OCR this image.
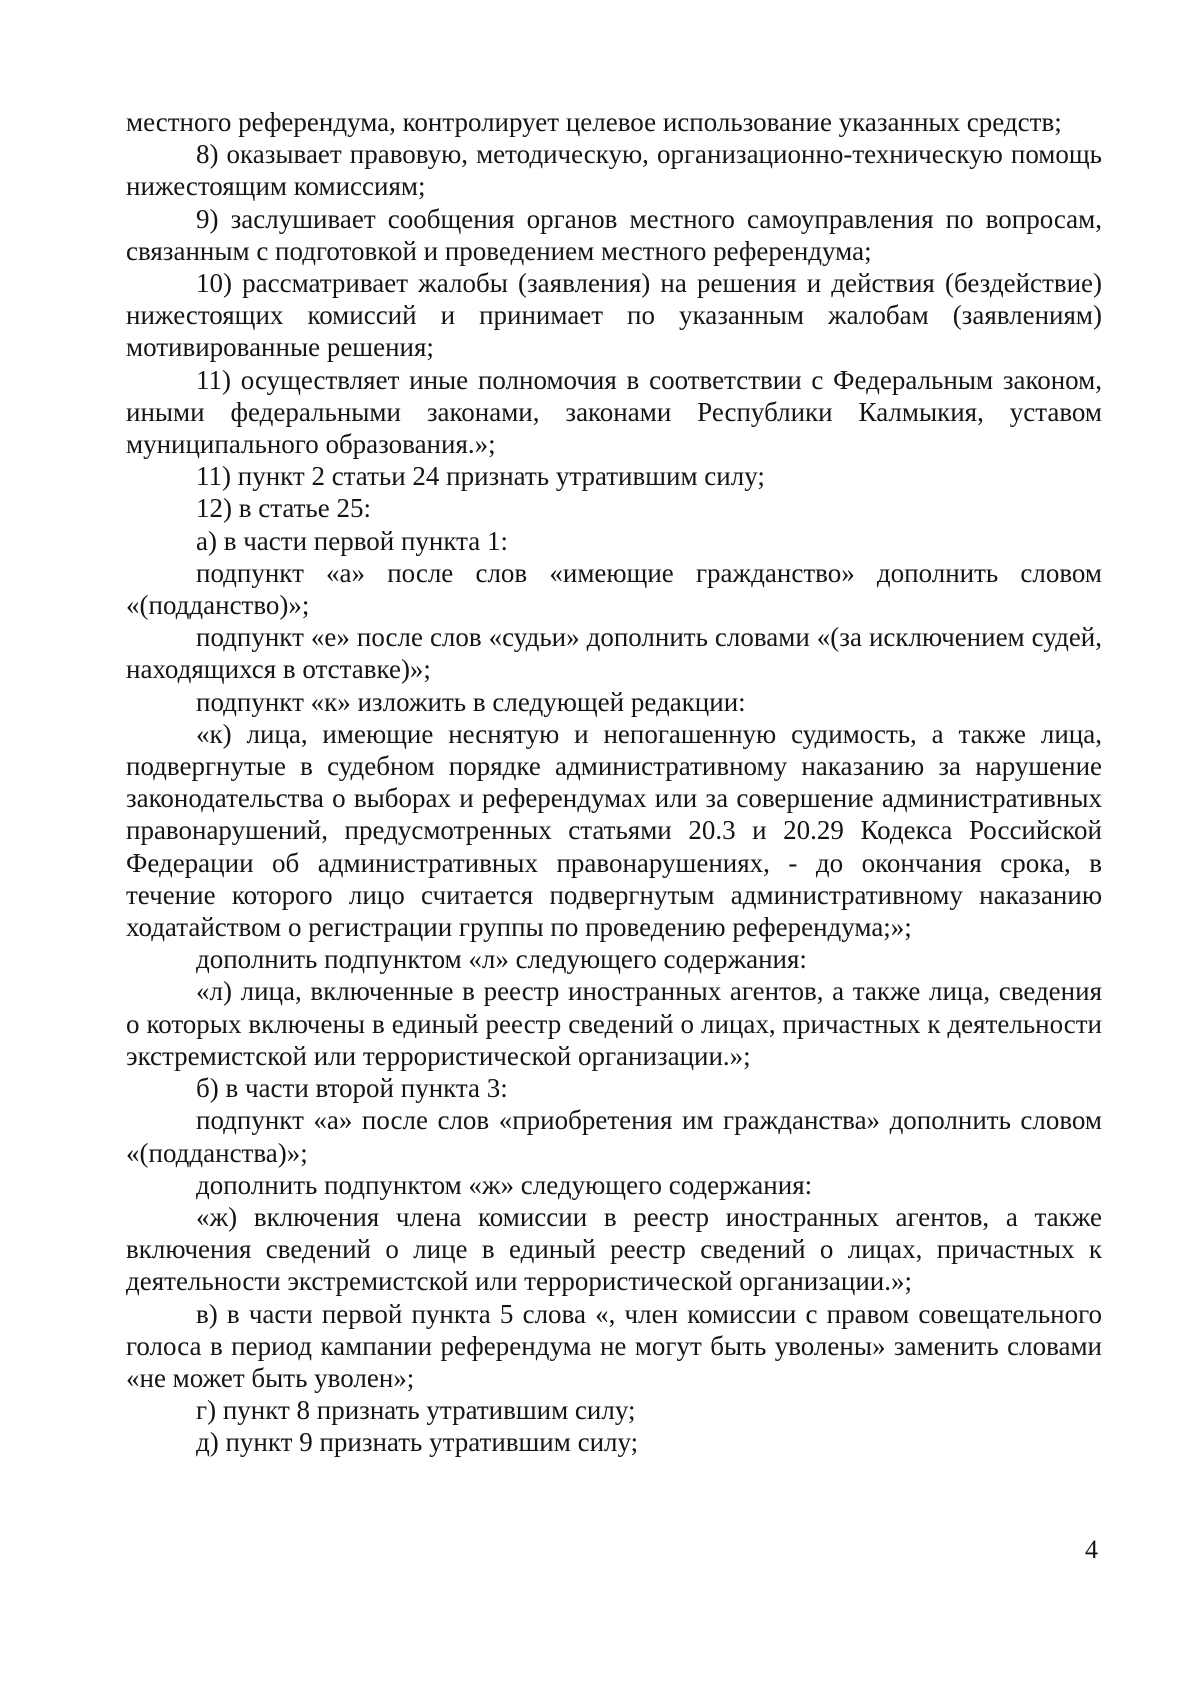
местного референдума, контролирует целевое использование указанных средств;

8) оказывает правовую, методическую, организационно-техническую помощь нижестоящим комиссиям;

9) заслушивает сообщения органов местного самоуправления по вопросам, связанным с подготовкой и проведением местного референдума;

10) рассматривает жалобы (заявления) на решения и действия (бездействие) нижестоящих комиссий и принимает по указанным жалобам (заявлениям) мотивированные решения;

11) осуществляет иные полномочия в соответствии с Федеральным законом, иными федеральными законами, законами Республики Калмыкия, уставом муниципального образования.»;

11) пункт 2 статьи 24 признать утратившим силу;

12) в статье 25:

а) в части первой пункта 1:

подпункт «а» после слов «имеющие гражданство» дополнить словом «(подданство)»;

подпункт «е» после слов «судьи» дополнить словами «(за исключением судей, находящихся в отставке)»;

подпункт «к» изложить в следующей редакции:

«к) лица, имеющие неснятую и непогашенную судимость, а также лица, подвергнутые в судебном порядке административному наказанию за нарушение законодательства о выборах и референдумах или за совершение административных правонарушений, предусмотренных статьями 20.3 и 20.29 Кодекса Российской Федерации об административных правонарушениях, - до окончания срока, в течение которого лицо считается подвергнутым административному наказанию ходатайством о регистрации группы по проведению референдума;»;

дополнить подпунктом «л» следующего содержания:

«л) лица, включенные в реестр иностранных агентов, а также лица, сведения о которых включены в единый реестр сведений о лицах, причастных к деятельности экстремистской или террористической организации.»;

б) в части второй пункта 3:

подпункт «а» после слов «приобретения им гражданства» дополнить словом «(подданства)»;

дополнить подпунктом «ж» следующего содержания:

«ж) включения члена комиссии в реестр иностранных агентов, а также включения сведений о лице в единый реестр сведений о лицах, причастных к деятельности экстремистской или террористической организации.»;

в) в части первой пункта 5 слова «, член комиссии с правом совещательного голоса в период кампании референдума не могут быть уволены» заменить словами «не может быть уволен»;

г) пункт 8 признать утратившим силу;

д) пункт 9 признать утратившим силу;

4
